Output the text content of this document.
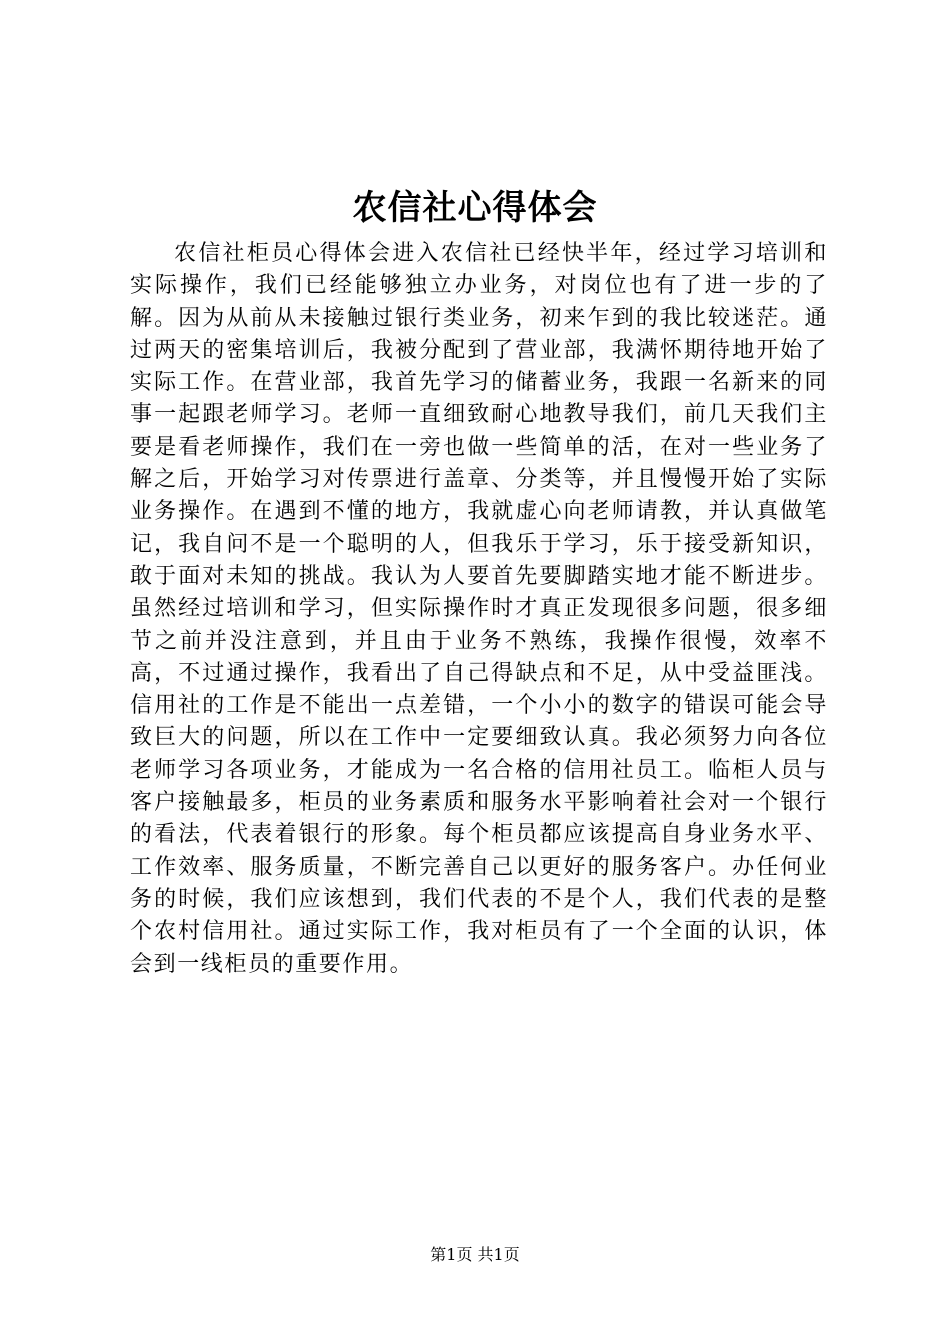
农信社心得体会

农信社柜员心得体会进入农信社已经快半年，经过学习培训和实际操作，我们已经能够独立办业务，对岗位也有了进一步的了解。因为从前从未接触过银行类业务，初来乍到的我比较迷茫。通过两天的密集培训后，我被分配到了营业部，我满怀期待地开始了实际工作。在营业部，我首先学习的储蓄业务，我跟一名新来的同事一起跟老师学习。老师一直细致耐心地教导我们，前几天我们主要是看老师操作，我们在一旁也做一些简单的活，在对一些业务了解之后，开始学习对传票进行盖章、分类等，并且慢慢开始了实际业务操作。在遇到不懂的地方，我就虚心向老师请教，并认真做笔记，我自问不是一个聪明的人，但我乐于学习，乐于接受新知识，敢于面对未知的挑战。我认为人要首先要脚踏实地才能不断进步。虽然经过培训和学习，但实际操作时才真正发现很多问题，很多细节之前并没注意到，并且由于业务不熟练，我操作很慢，效率不高，不过通过操作，我看出了自己得缺点和不足，从中受益匪浅。信用社的工作是不能出一点差错，一个小小的数字的错误可能会导致巨大的问题，所以在工作中一定要细致认真。我必须努力向各位老师学习各项业务，才能成为一名合格的信用社员工。临柜人员与客户接触最多，柜员的业务素质和服务水平影响着社会对一个银行的看法，代表着银行的形象。每个柜员都应该提高自身业务水平、工作效率、服务质量，不断完善自己以更好的服务客户。办任何业务的时候，我们应该想到，我们代表的不是个人，我们代表的是整个农村信用社。通过实际工作，我对柜员有了一个全面的认识，体会到一线柜员的重要作用。

第1页 共1页
